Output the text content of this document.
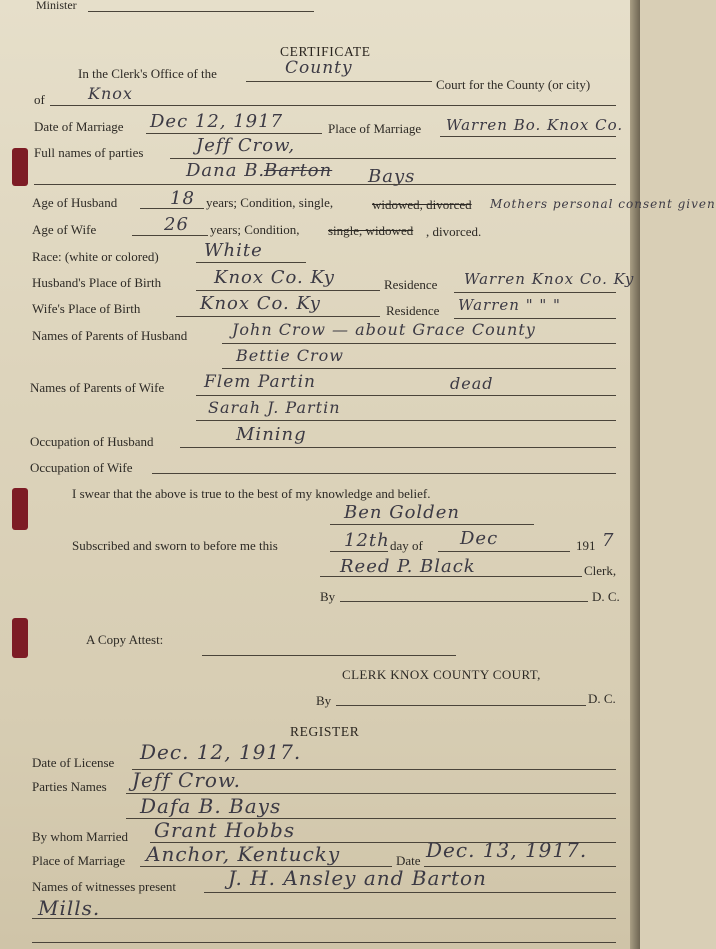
Minister
CERTIFICATE
In the Clerk's Office of the	County
Court for the County (or city)
of	Knox
Date of Marriage Dec 12, 1917	Place of Marriage Warren Bo. Knox Co.
Full names of parties	Jeff Crow,
Dana B.
Barton Bays
Age of Husband	18 years; Condition, single,	widowed, divorced Mothers personal consent given
Age of Wife	26 years; Condition, single, widowed , divorced.
Race: (white or colored)	White
Husband's Place of Birth	Knox Co. Ky	Residence Warren Knox Co. Ky
Wife's Place of Birth	Knox Co. Ky	Residence Warren " " "
Names of Parents of Husband	John Crow — about Grace County
Bettie Crow
Names of Parents of Wife Flem Partin	dead
Sarah J. Partin
Occupation of Husband	Mining
Occupation of Wife
I swear that the above is true to the best of my knowledge and belief.
Ben Golden
Subscribed and sworn to before me this	12th day of Dec	191 7
Reed P. Black	Clerk,
By	D. C.
A Copy Attest:
CLERK KNOX COUNTY COURT,
By	D. C.
REGISTER
Date of License Dec. 12, 1917.
Parties Names Jeff Crow.
Dafa B. Bays
By whom Married Grant Hobbs
Place of Marriage Anchor, Kentucky	Date Dec. 13, 1917.
Names of witnesses present	J. H. Ansley and Barton
Mills.
